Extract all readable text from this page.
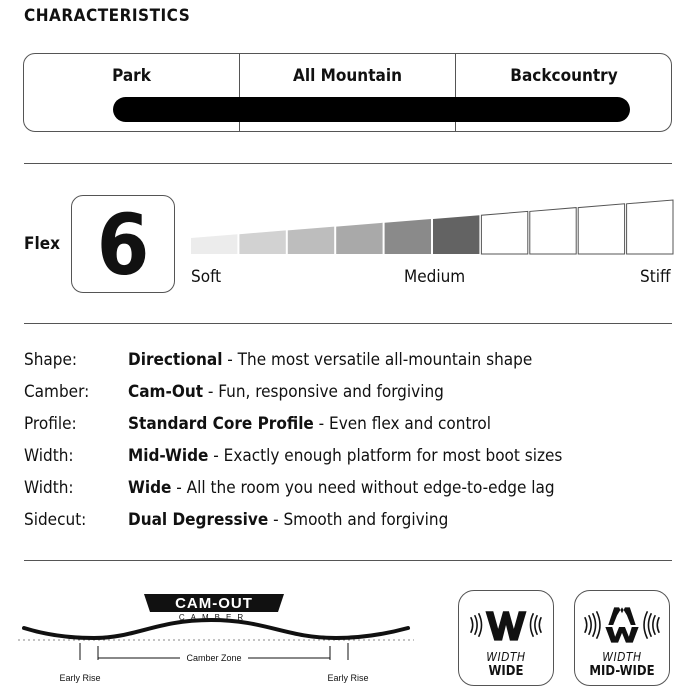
CHARACTERISTICS
Park	All Mountain	Backcountry
Flex 6	Soft	Medium	Stiff
Shape:	Directional - The most versatile all-mountain shape
Camber: Cam-Out - Fun, responsive and forgiving
Profile:	Standard Core Profile - Even flex and control
Width:	Mid-Wide - Exactly enough platform for most boot sizes
Width:	Wide - All the room you need without edge-to-edge lag
Sidecut: Dual Degressive - Smooth and forgiving
CAM-OUT
CAMBER
Camber Zone
Early Rise	Early Rise
WIDTH
WIDE
WIDTH
MID-WIDE
